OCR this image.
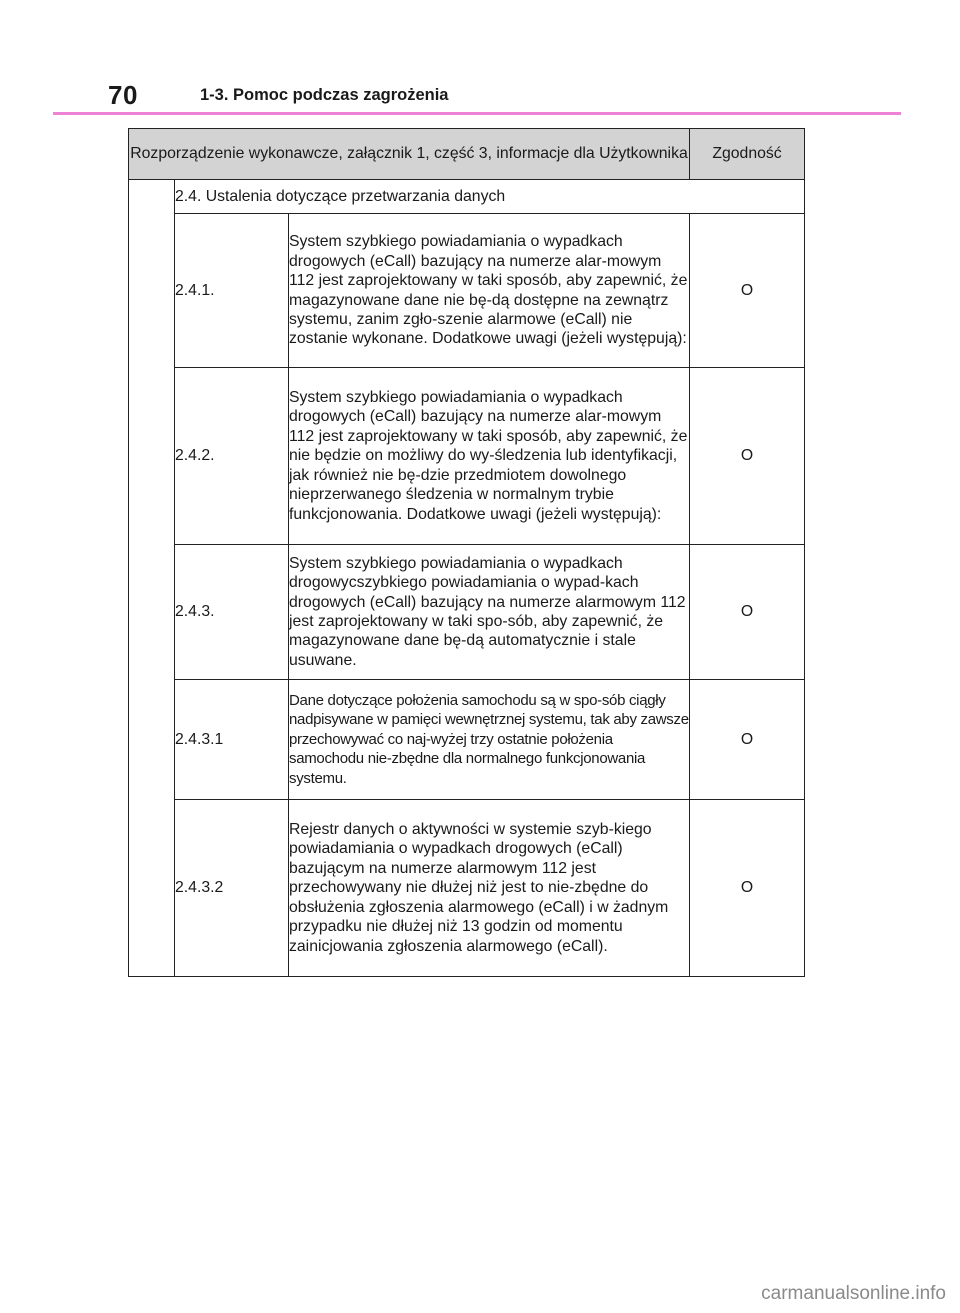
70	1-3. Pomoc podczas zagrożenia
Rozporządzenie wykonawcze, załącznik 1, część 3, informacje dla Użytkownika			Zgodność
	2.4. Ustalenia dotyczące przetwarzania danych		
	2.4.1.	System szybkiego powiadamiania o wypadkach drogowych (eCall) bazujący na numerze alar-mowym 112 jest zaprojektowany w taki sposób, aby zapewnić, że magazynowane dane nie bę-dą dostępne na zewnątrz systemu, zanim zgło-szenie alarmowe (eCall) nie zostanie wykonane. Dodatkowe uwagi (jeżeli występują):	O
	2.4.2.	System szybkiego powiadamiania o wypadkach drogowych (eCall) bazujący na numerze alar-mowym 112 jest zaprojektowany w taki sposób, aby zapewnić, że nie będzie on możliwy do wy-śledzenia lub identyfikacji, jak również nie bę-dzie przedmiotem dowolnego nieprzerwanego śledzenia w normalnym trybie funkcjonowania. Dodatkowe uwagi (jeżeli występują):	O
	2.4.3.	System szybkiego powiadamiania o wypadkach drogowycszybkiego powiadamiania o wypad-kach drogowych (eCall) bazujący na numerze alarmowym 112 jest zaprojektowany w taki spo-sób, aby zapewnić, że magazynowane dane bę-dą automatycznie i stale usuwane.	O
	2.4.3.1	Dane dotyczące położenia samochodu są w spo-sób ciągły nadpisywane w pamięci wewnętrznej systemu, tak aby zawsze przechowywać co naj-wyżej trzy ostatnie położenia samochodu nie-zbędne dla normalnego funkcjonowania systemu.	O
	2.4.3.2	Rejestr danych o aktywności w systemie szyb-kiego powiadamiania o wypadkach drogowych (eCall) bazującym na numerze alarmowym 112 jest przechowywany nie dłużej niż jest to nie-zbędne do obsłużenia zgłoszenia alarmowego (eCall) i w żadnym przypadku nie dłużej niż 13 godzin od momentu zainicjowania zgłoszenia alarmowego (eCall).	O
carmanualsonline.info
